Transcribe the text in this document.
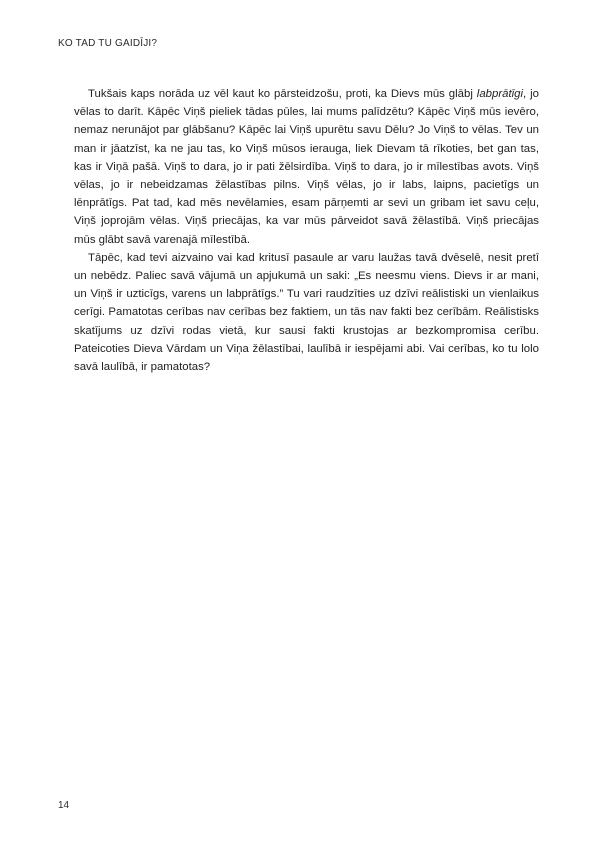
KO TAD TU GAIDĪJI?

Tukšais kaps norāda uz vēl kaut ko pārsteidzošu, proti, ka Dievs mūs glābj labprātīgi, jo vēlas to darīt. Kāpēc Viņš pieliek tādas pūles, lai mums palīdzētu? Kāpēc Viņš mūs ievēro, nemaz nerunājot par glābšanu? Kāpēc lai Viņš upurētu savu Dēlu? Jo Viņš to vēlas. Tev un man ir jāatzīst, ka ne jau tas, ko Viņš mūsos ierauga, liek Dievam tā rīkoties, bet gan tas, kas ir Viņā pašā. Viņš to dara, jo ir pati žēlsirdība. Viņš to dara, jo ir mīlestības avots. Viņš vēlas, jo ir nebeidzamas žēlastības pilns. Viņš vēlas, jo ir labs, laipns, pacietīgs un lēnprātīgs. Pat tad, kad mēs nevēlamies, esam pārņemti ar sevi un gribam iet savu ceļu, Viņš joprojām vēlas. Viņš priecājas, ka var mūs pārveidot savā žēlastībā. Viņš priecājas mūs glābt savā varenajā mīlestībā.

Tāpēc, kad tevi aizvaino vai kad kritusī pasaule ar varu laužas tavā dvēselē, nesit pretī un nebēdz. Paliec savā vājumā un apjukumā un saki: „Es neesmu viens. Dievs ir ar mani, un Viņš ir uzticīgs, varens un labprātīgs.” Tu vari raudzīties uz dzīvi reālistiski un vienlaikus cerīgi. Pamatotas cerības nav cerības bez faktiem, un tās nav fakti bez cerībām. Reālistisks skatījums uz dzīvi rodas vietā, kur sausi fakti krustojas ar bezkompromisa cerību. Pateicoties Dieva Vārdam un Viņa žēlastībai, laulībā ir iespējami abi. Vai cerības, ko tu lolo savā laulībā, ir pamatotas?

14
